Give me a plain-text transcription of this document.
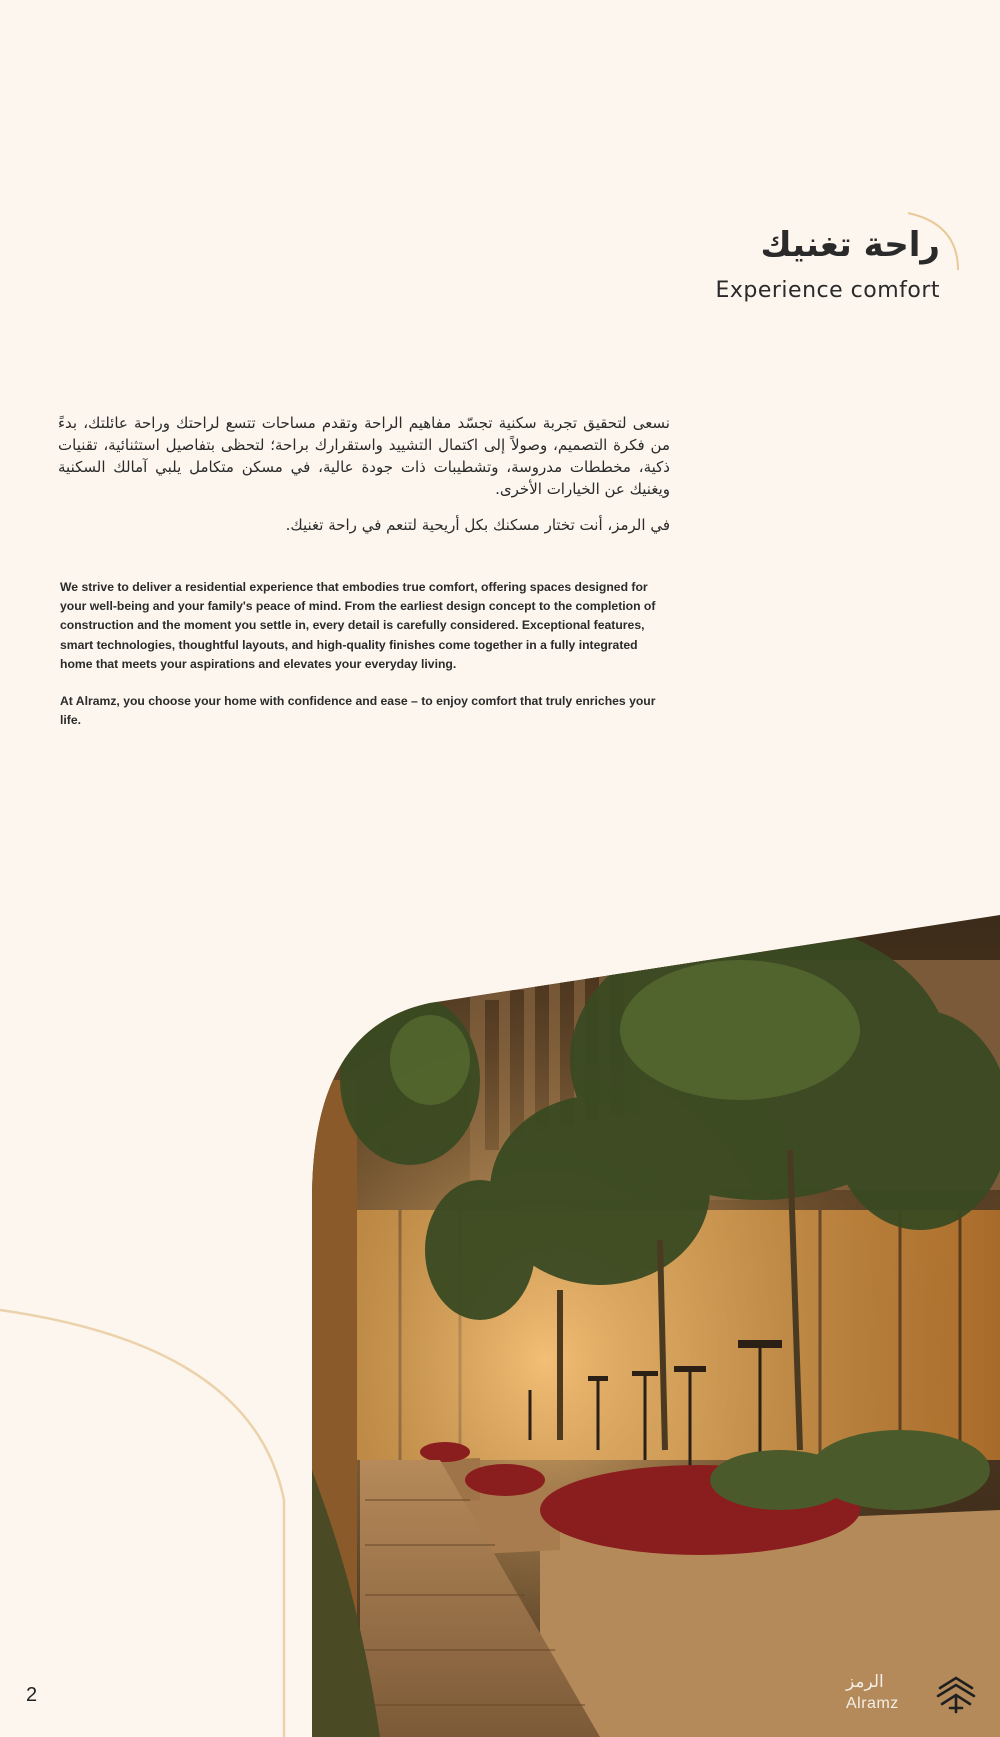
راحة تغنيك
Experience comfort

نسعى لتحقيق تجربة سكنية تجسّد مفاهيم الراحة وتقدم مساحات تتسع لراحتك وراحة عائلتك، بدءً من فكرة التصميم، وصولاً إلى اكتمال التشييد واستقرارك براحة؛ لتحظى بتفاصيل استثنائية، تقنيات ذكية، مخططات مدروسة، وتشطيبات ذات جودة عالية، في مسكن متكامل يلبي آمالك السكنية ويغنيك عن الخيارات الأخرى.

في الرمز، أنت تختار مسكنك بكل أريحية لتنعم في راحة تغنيك.

We strive to deliver a residential experience that embodies true comfort, offering spaces designed for your well-being and your family's peace of mind. From the earliest design concept to the completion of construction and the moment you settle in, every detail is carefully considered. Exceptional features, smart technologies, thoughtful layouts, and high-quality finishes come together in a fully integrated home that meets your aspirations and elevates your everyday living.

At Alramz, you choose your home with confidence and ease – to enjoy comfort that truly enriches your life.

2
الرمز
Alramz
